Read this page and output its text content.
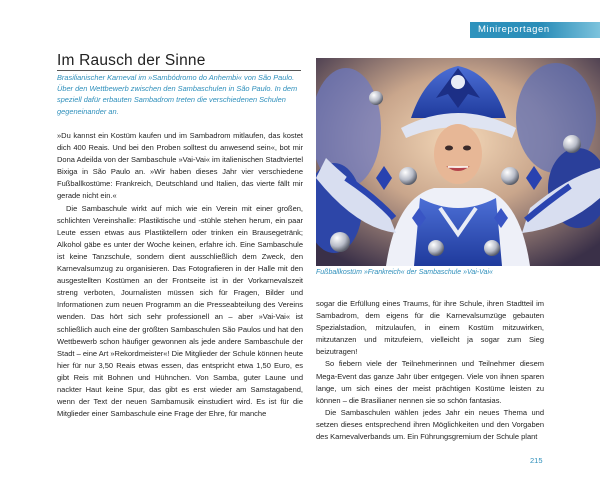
Minireportagen
Im Rausch der Sinne

Brasilianischer Karneval im »Sambódromo do Anhembi« von São Paulo. Über den Wettbewerb zwischen den Sambaschulen in São Paulo. In dem speziell dafür erbauten Sambadrom treten die verschiedenen Schulen gegeneinander an.

»Du kannst ein Kostüm kaufen und im Sambadrom mitlaufen, das kostet dich 400 Reais. Und bei den Proben solltest du anwesend sein«, bot mir Dona Adeilda von der Sambaschule »Vai-Vai« im italienischen Stadtviertel Bixiga in São Paulo an. »Wir haben dieses Jahr vier verschiedene Fußballkostüme: Frankreich, Deutschland und Italien, das vierte fällt mir gerade nicht ein.«

Die Sambaschule wirkt auf mich wie ein Verein mit einer großen, schlichten Vereinshalle: Plastiktische und -stühle stehen herum, ein paar Leute essen etwas aus Plastiktellern oder trinken ein Brausegetränk; Alkohol gäbe es unter der Woche keinen, erfahre ich. Eine Sambaschule ist keine Tanzschule, sondern dient ausschließlich dem Zweck, den Karnevalsumzug zu organisieren. Das Fotografieren in der Halle mit den ausgestellten Kostümen an der Frontseite ist in der Vorkarnevalszeit streng verboten, Journalisten müssen sich für Fragen, Bilder und Informationen zum neuen Programm an die Presseabteilung des Vereins wenden. Das hört sich sehr professionell an – aber »Vai-Vai« ist schließlich auch eine der größten Sambaschulen São Paulos und hat den Wettbewerb schon häufiger gewonnen als jede andere Sambaschule der Stadt – eine Art »Rekordmeister«! Die Mitglieder der Schule können heute hier für nur 3,50 Reais etwas essen, das entspricht etwa 1,50 Euro, es gibt Reis mit Bohnen und Hühnchen. Von Samba, guter Laune und nackter Haut keine Spur, das gibt es erst wieder am Samstagabend, wenn der Text der neuen Sambamusik einstudiert wird. Es ist für die Mitglieder einer Sambaschule eine Frage der Ehre, für manche

Fußballkostüm »Frankreich« der Sambaschule »Vai-Vai«

sogar die Erfüllung eines Traums, für ihre Schule, ihren Stadtteil im Sambadrom, dem eigens für die Karnevalsumzüge gebauten Spezialstadion, mitzulaufen, in einem Kostüm mitzuwirken, mitzutanzen und mitzufeiern, vielleicht ja sogar zum Sieg beizutragen!

So fiebern viele der Teilnehmerinnen und Teilnehmer diesem Mega-Event das ganze Jahr über entgegen. Viele von ihnen sparen lange, um sich eines der meist prächtigen Kostüme leisten zu können – die Brasilianer nennen sie so schön fantasias.

Die Sambaschulen wählen jedes Jahr ein neues Thema und setzen dieses entsprechend ihren Möglichkeiten und den Vorgaben des Karnevalverbands um. Ein Führungsgremium der Schule plant

215
